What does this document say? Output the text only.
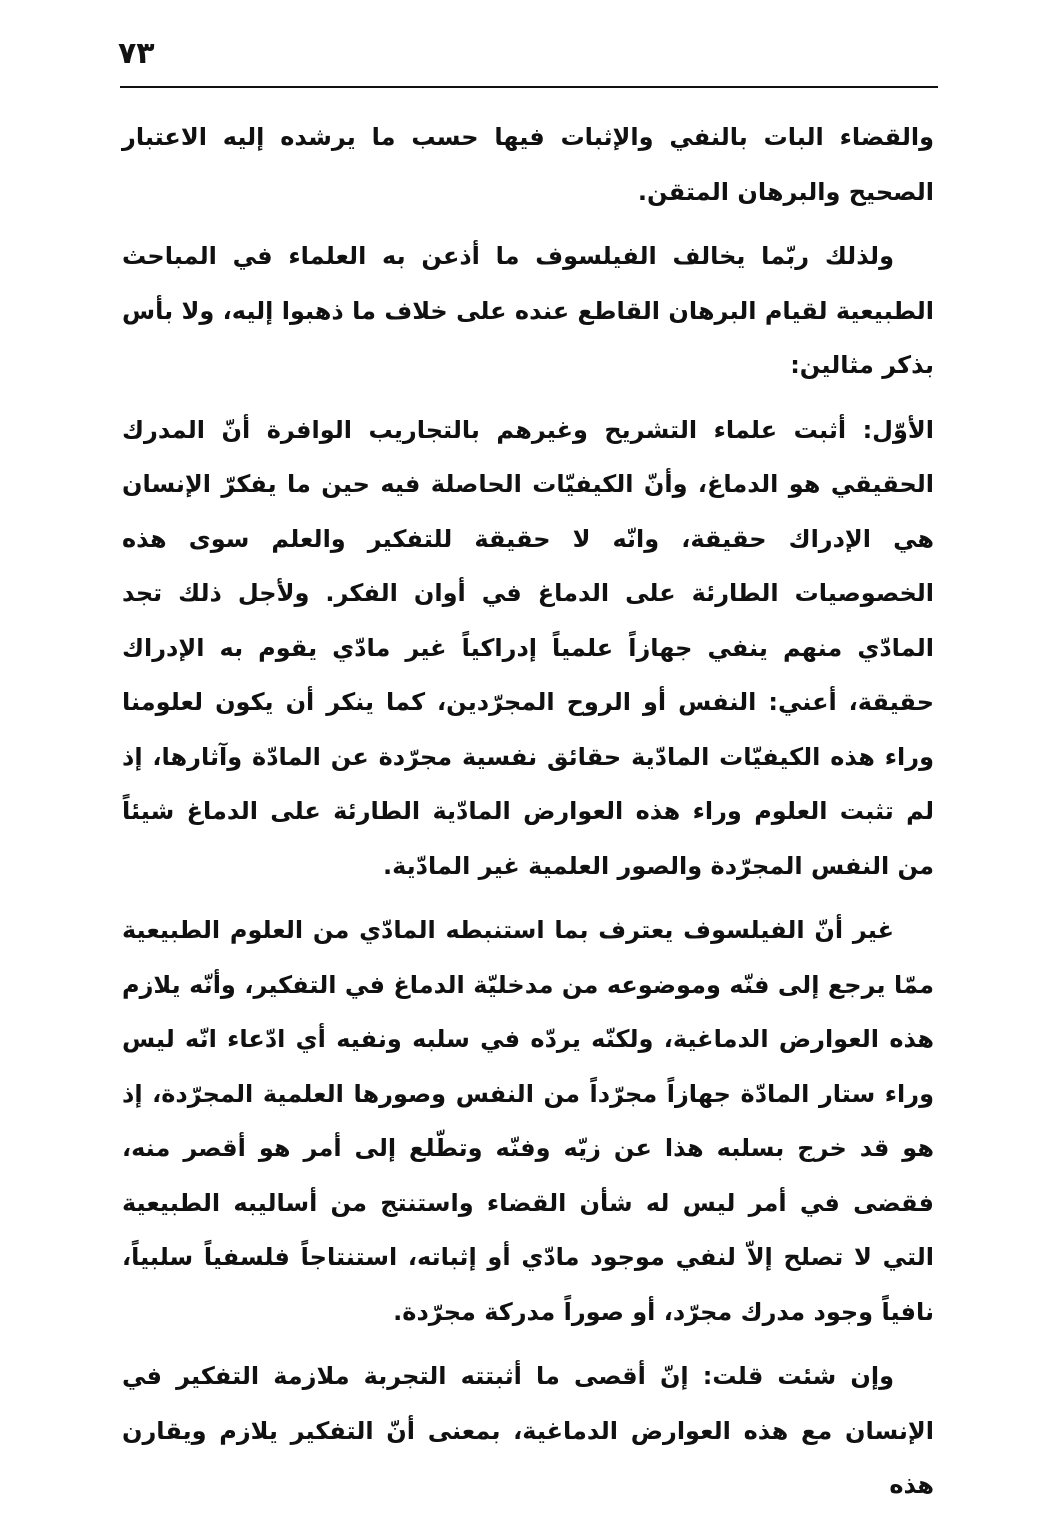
٧٣

والقضاء البات بالنفي والإثبات فيها حسب ما يرشده إليه الاعتبار الصحيح والبرهان المتقن.

ولذلك ربّما يخالف الفيلسوف ما أذعن به العلماء في المباحث الطبيعية لقيام البرهان القاطع عنده على خلاف ما ذهبوا إليه، ولا بأس بذكر مثالين:

الأوّل: أثبت علماء التشريح وغيرهم بالتجاريب الوافرة أنّ المدرك الحقيقي هو الدماغ، وأنّ الكيفيّات الحاصلة فيه حين ما يفكرّ الإنسان هي الإدراك حقيقة، وانّه لا حقيقة للتفكير والعلم سوى هذه الخصوصيات الطارئة على الدماغ في أوان الفكر. ولأجل ذلك تجد المادّي منهم ينفي جهازاً علمياً إدراكياً غير مادّي يقوم به الإدراك حقيقة، أعني: النفس أو الروح المجرّدين، كما ينكر أن يكون لعلومنا وراء هذه الكيفيّات المادّية حقائق نفسية مجرّدة عن المادّة وآثارها، إذ لم تثبت العلوم وراء هذه العوارض المادّية الطارئة على الدماغ شيئاً من النفس المجرّدة والصور العلمية غير المادّية.

غير أنّ الفيلسوف يعترف بما استنبطه المادّي من العلوم الطبيعية ممّا يرجع إلى فنّه وموضوعه من مدخليّة الدماغ في التفكير، وأنّه يلازم هذه العوارض الدماغية، ولكنّه يردّه في سلبه ونفيه أي ادّعاء انّه ليس وراء ستار المادّة جهازاً مجرّداً من النفس وصورها العلمية المجرّدة، إذ هو قد خرج بسلبه هذا عن زيّه وفنّه وتطّلع إلى أمر هو أقصر منه، فقضى في أمر ليس له شأن القضاء واستنتج من أساليبه الطبيعية التي لا تصلح إلاّ لنفي موجود مادّي أو إثباته، استنتاجاً فلسفياً سلبياً، نافياً وجود مدرك مجرّد، أو صوراً مدركة مجرّدة.

وإن شئت قلت: إنّ أقصى ما أثبتته التجربة ملازمة التفكير في الإنسان مع هذه العوارض الدماغية، بمعنى أنّ التفكير يلازم ويقارن هذه
